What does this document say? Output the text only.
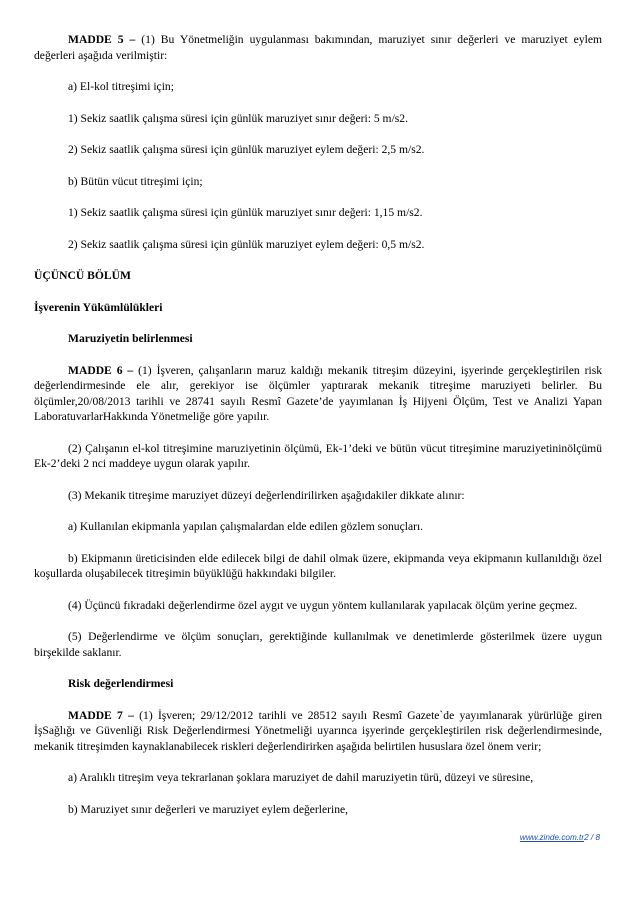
MADDE 5 – (1) Bu Yönetmeliğin uygulanması bakımından, maruziyet sınır değerleri ve maruziyet eylem değerleri aşağıda verilmiştir:

a) El-kol titreşimi için;

1) Sekiz saatlik çalışma süresi için günlük maruziyet sınır değeri: 5 m/s2.

2) Sekiz saatlik çalışma süresi için günlük maruziyet eylem değeri: 2,5 m/s2.

b) Bütün vücut titreşimi için;

1) Sekiz saatlik çalışma süresi için günlük maruziyet sınır değeri: 1,15 m/s2.

2) Sekiz saatlik çalışma süresi için günlük maruziyet eylem değeri: 0,5 m/s2.

ÜÇÜNCÜ BÖLÜM

İşverenin Yükümlülükleri

Maruziyetin belirlenmesi

MADDE 6 – (1) İşveren, çalışanların maruz kaldığı mekanik titreşim düzeyini, işyerinde gerçekleştirilen risk değerlendirmesinde ele alır, gerekiyor ise ölçümler yaptırarak mekanik titreşime maruziyeti belirler. Bu ölçümler,20/08/2013 tarihli ve 28741 sayılı Resmî Gazete’de yayımlanan İş Hijyeni Ölçüm, Test ve Analizi Yapan LaboratuvarlarHakkında Yönetmeliğe göre yapılır.

(2) Çalışanın el-kol titreşimine maruziyetinin ölçümü, Ek-1’deki ve bütün vücut titreşimine maruziyetininölçümü Ek-2’deki 2 nci maddeye uygun olarak yapılır.

(3) Mekanik titreşime maruziyet düzeyi değerlendirilirken aşağıdakiler dikkate alınır:

a) Kullanılan ekipmanla yapılan çalışmalardan elde edilen gözlem sonuçları.

b) Ekipmanın üreticisinden elde edilecek bilgi de dahil olmak üzere, ekipmanda veya ekipmanın kullanıldığı özel koşullarda oluşabilecek titreşimin büyüklüğü hakkındaki bilgiler.

(4) Üçüncü fıkradaki değerlendirme özel aygıt ve uygun yöntem kullanılarak yapılacak ölçüm yerine geçmez.

(5) Değerlendirme ve ölçüm sonuçları, gerektiğinde kullanılmak ve denetimlerde gösterilmek üzere uygun birşekilde saklanır.

Risk değerlendirmesi

MADDE 7 – (1) İşveren; 29/12/2012 tarihli ve 28512 sayılı Resmî Gazete`de yayımlanarak yürürlüğe giren İşSağlığı ve Güvenliği Risk Değerlendirmesi Yönetmeliği uyarınca işyerinde gerçekleştirilen risk değerlendirmesinde, mekanik titreşimden kaynaklanabilecek riskleri değerlendirirken aşağıda belirtilen hususlara özel önem verir;

a) Aralıklı titreşim veya tekrarlanan şoklara maruziyet de dahil maruziyetin türü, düzeyi ve süresine,

b) Maruziyet sınır değerleri ve maruziyet eylem değerlerine,

www.zinde.com.tr2 / 8
